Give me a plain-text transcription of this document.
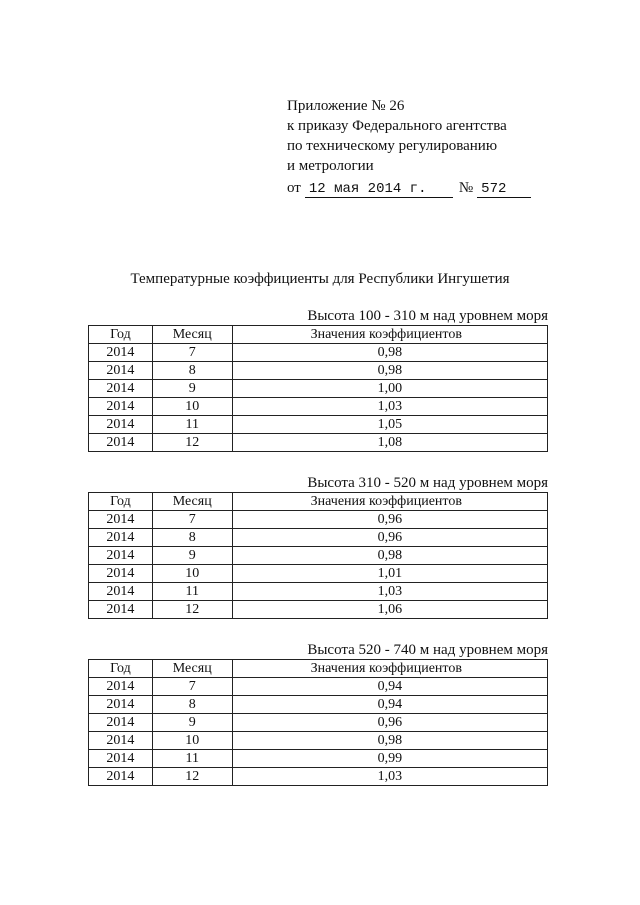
Приложение № 26
к приказу Федерального агентства
по техническому регулированию
и метрологии
от 12 мая 2014 г.	№ 572
Температурные коэффициенты для Республики Ингушетия
Высота 100 - 310 м над уровнем моря
Год	Месяц	Значения коэффициентов
2014	7	0,98
2014	8	0,98
2014	9	1,00
2014	10	1,03
2014	11	1,05
2014	12	1,08
Высота 310 - 520 м над уровнем моря
Год	Месяц	Значения коэффициентов
2014	7	0,96
2014	8	0,96
2014	9	0,98
2014	10	1,01
2014	11	1,03
2014	12	1,06
Высота 520 - 740 м над уровнем моря
Год	Месяц	Значения коэффициентов
2014	7	0,94
2014	8	0,94
2014	9	0,96
2014	10	0,98
2014	11	0,99
2014	12	1,03
